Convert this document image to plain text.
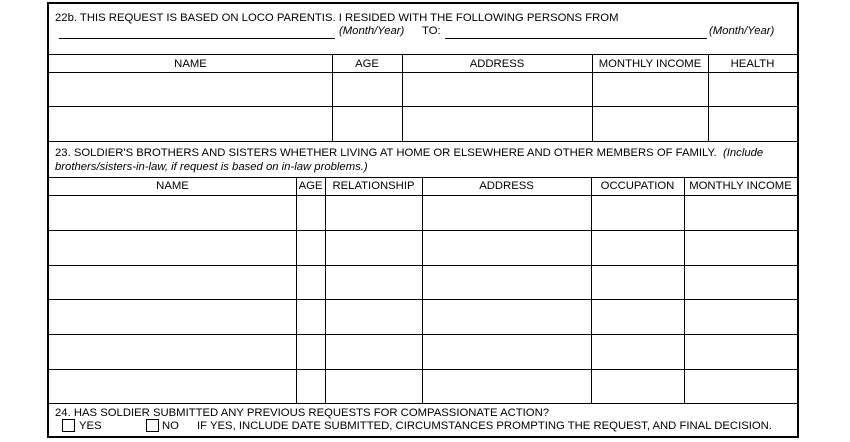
22b. THIS REQUEST IS BASED ON LOCO PARENTIS. I RESIDED WITH THE FOLLOWING PERSONS FROM
(Month/Year) TO:	(Month/Year)
NAME	AGE	ADDRESS	MONTHLY INCOME	HEALTH
23. SOLDIER'S BROTHERS AND SISTERS WHETHER LIVING AT HOME OR ELSEWHERE AND OTHER MEMBERS OF FAMILY. (Include
brothers/sisters-in-law, if request is based on in-law problems.)
NAME	AGE RELATIONSHIP	ADDRESS	OCCUPATION	MONTHLY INCOME
24. HAS SOLDIER SUBMITTED ANY PREVIOUS REQUESTS FOR COMPASSIONATE ACTION?
YES	NO IF YES, INCLUDE DATE SUBMITTED, CIRCUMSTANCES PROMPTING THE REQUEST, AND FINAL DECISION.
